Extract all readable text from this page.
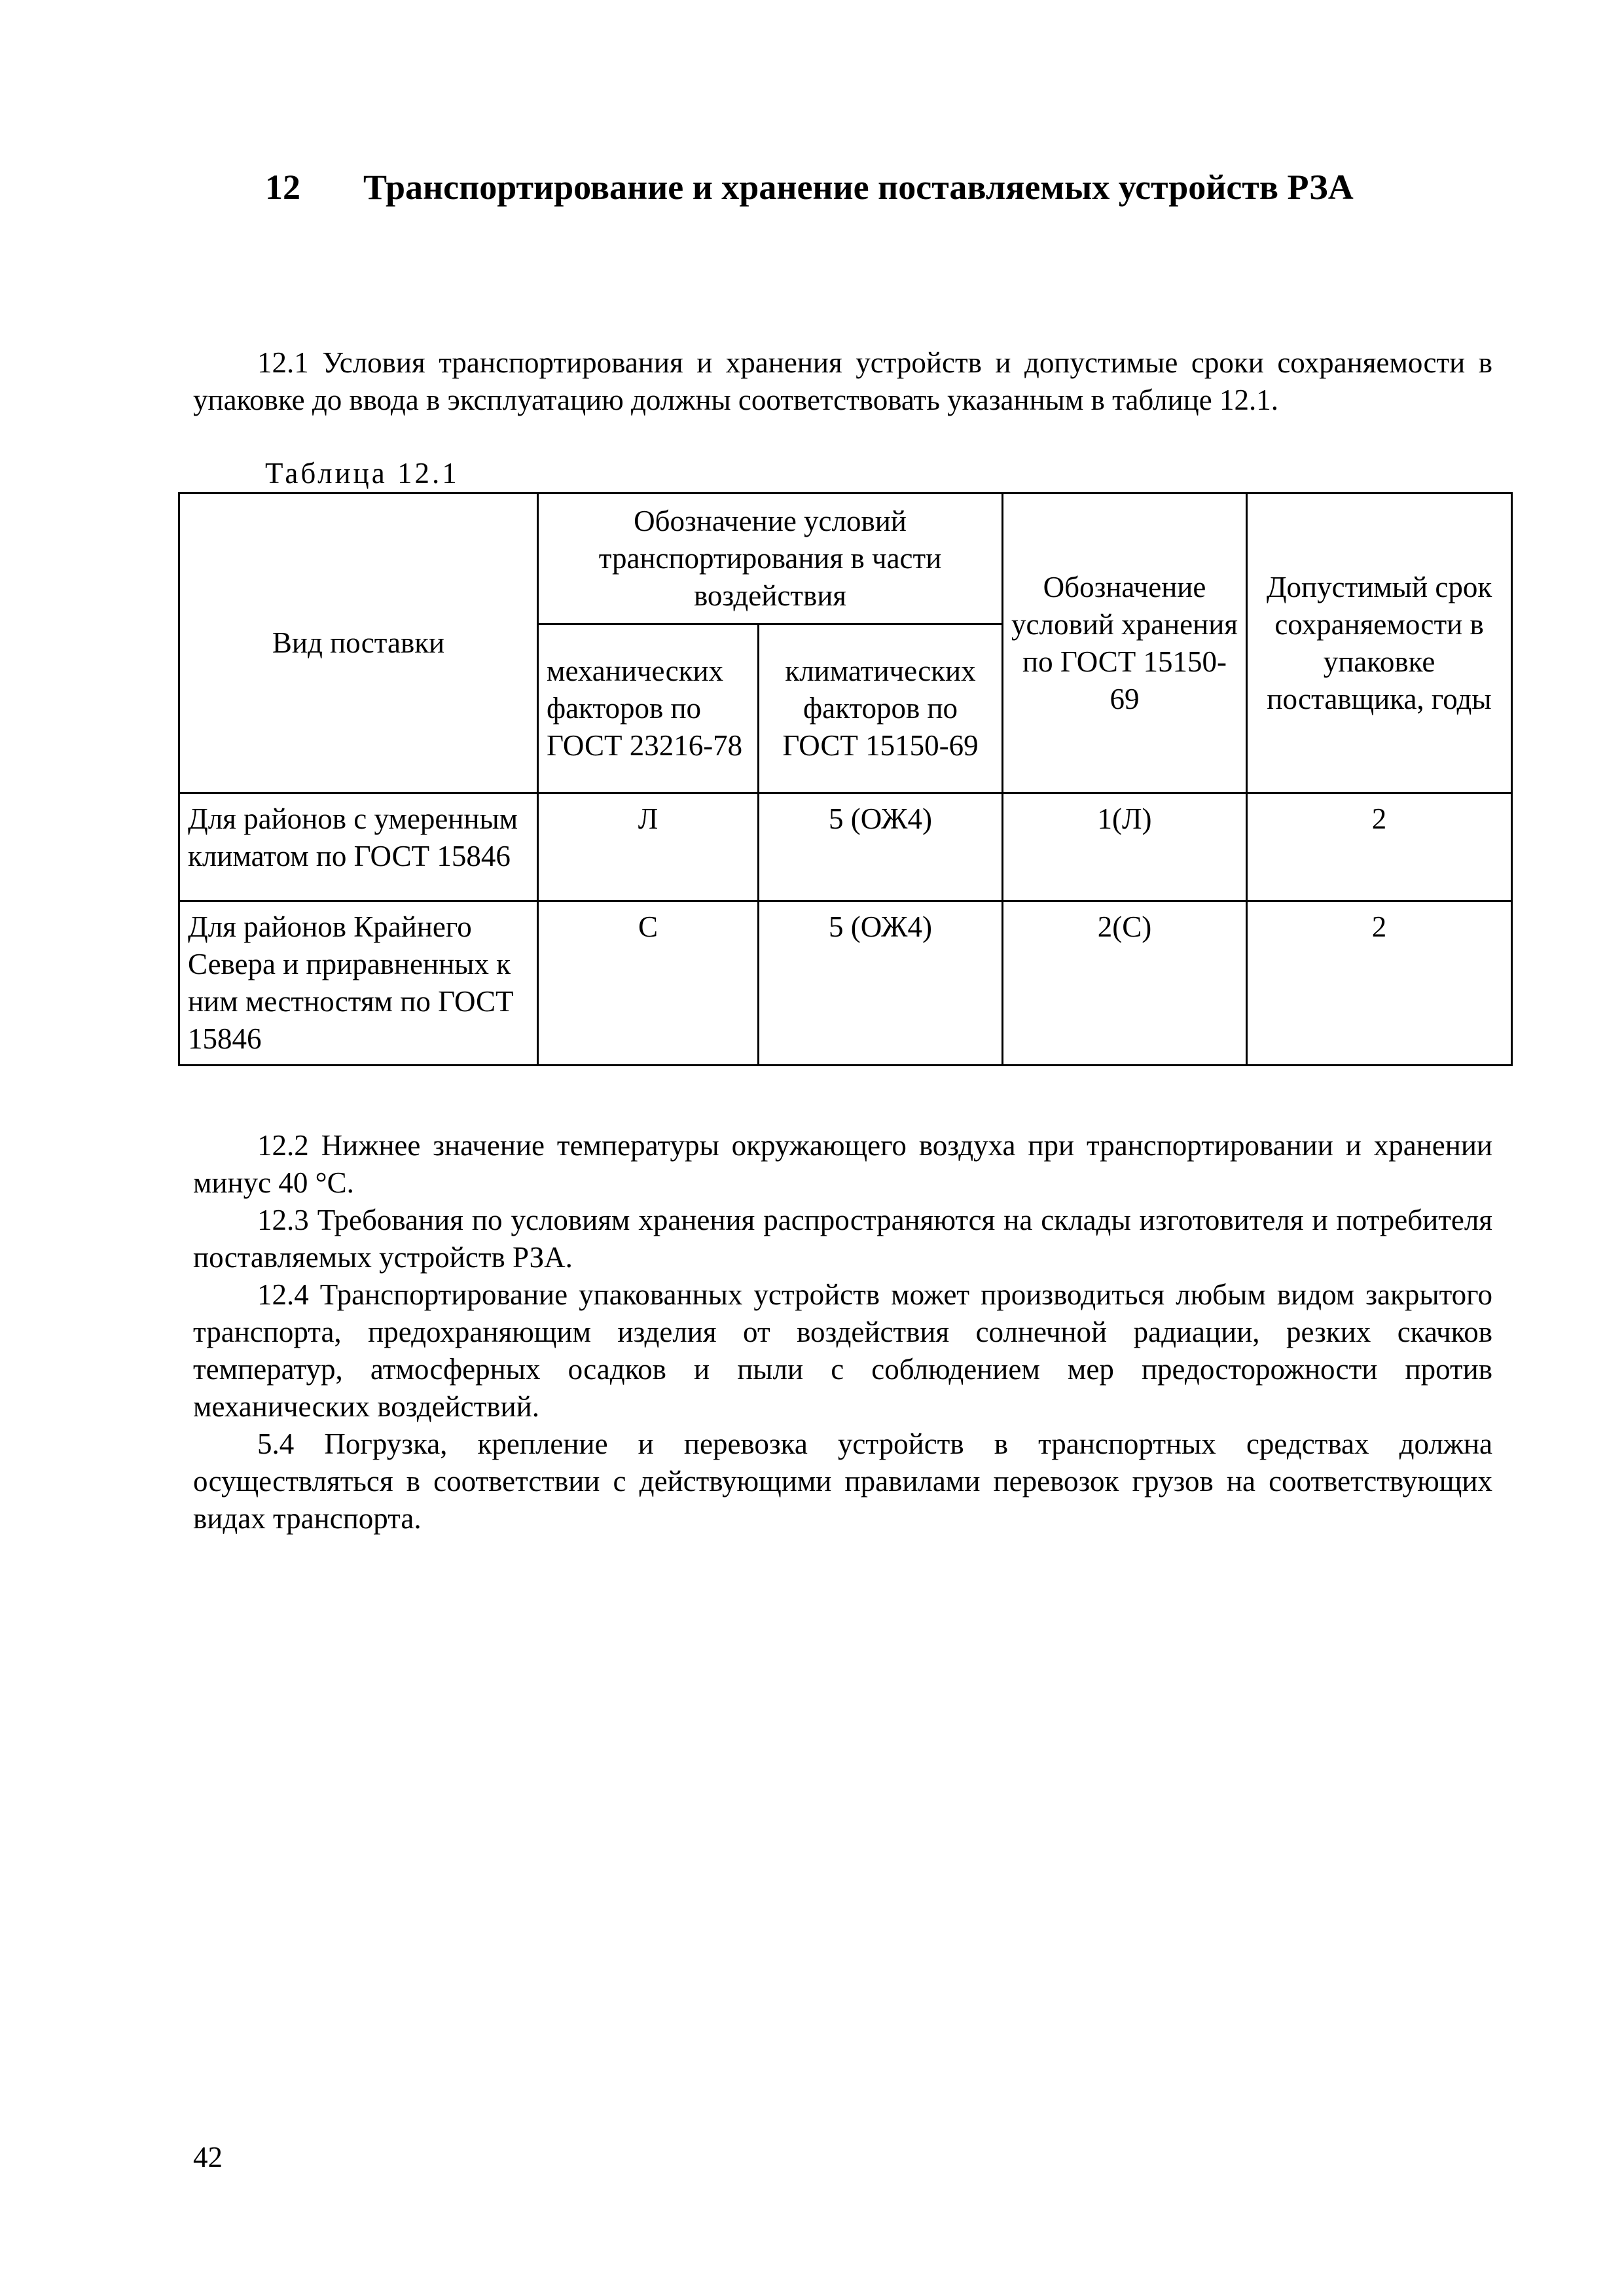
12 Транспортирование и хранение поставляемых устройств РЗА

12.1 Условия транспортирования и хранения устройств и допустимые сроки сохраняемости в упаковке до ввода в эксплуатацию должны соответствовать указанным в таблице 12.1.

Таблица 12.1
Вид поставки	Обозначение условий транспортирования в части воздействия		Обозначение условий хранения по ГОСТ 15150-69	Допустимый срок сохраняемости в упаковке поставщика, годы
	механических факторов по ГОСТ 23216-78	климатических факторов по ГОСТ 15150-69		
Для районов с умеренным климатом по ГОСТ 15846	Л	5 (ОЖ4)	1(Л)	2
Для районов Крайнего Севера и приравненных к ним местностям по ГОСТ 15846	С	5 (ОЖ4)	2(С)	2

12.2 Нижнее значение температуры окружающего воздуха при транспортировании и хранении минус 40 °С.

12.3 Требования по условиям хранения распространяются на склады изготовителя и потребителя поставляемых устройств РЗА.

12.4 Транспортирование упакованных устройств может производиться любым видом закрытого транспорта, предохраняющим изделия от воздействия солнечной радиации, резких скачков температур, атмосферных осадков и пыли с соблюдением мер предосторожности против механических воздействий.

5.4 Погрузка, крепление и перевозка устройств в транспортных средствах должна осуществляться в соответствии с действующими правилами перевозок грузов на соответствующих видах транспорта.

42
